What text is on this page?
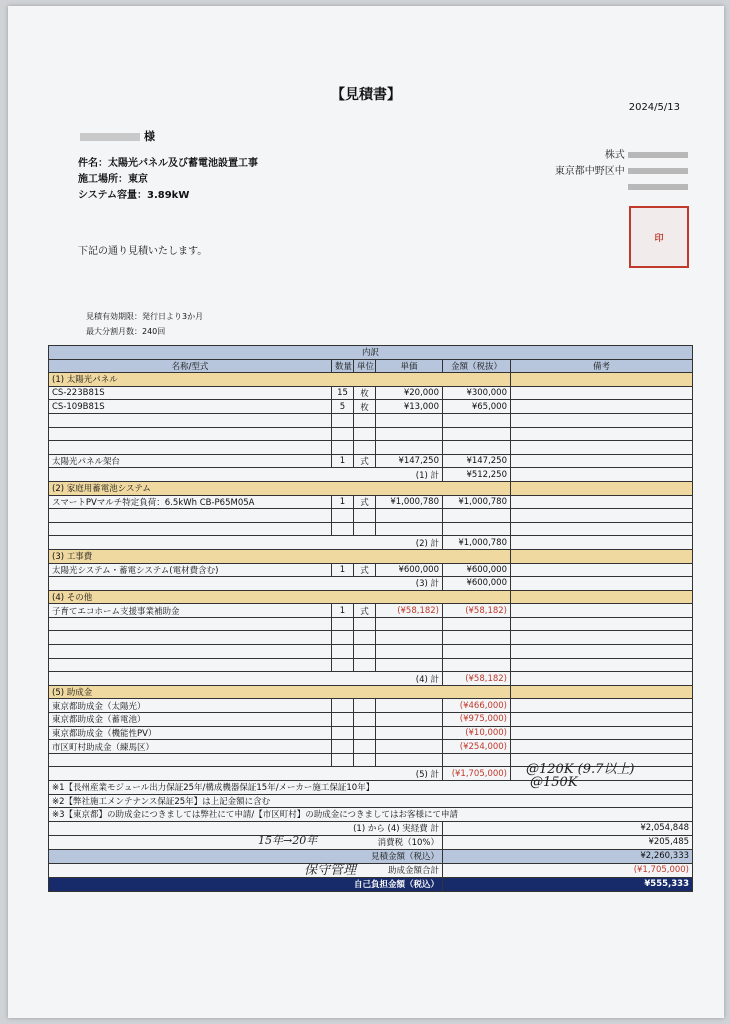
【見積書】
2024/5/13
様
件名：太陽光パネル及び蓄電池設置工事
施工場所：東京
システム容量：3.89kW
株式
東京都中野区中
印
下記の通り見積いたします。
見積有効期限：発行日より3か月
最大分割月数：240回
内訳					
名称/型式	数量	単位	単価	金額（税抜）	備考
(1) 太陽光パネル					
CS-223B81S	15	枚	¥20,000	¥300,000	
CS-109B81S	5	枚	¥13,000	¥65,000	

太陽光パネル架台	1	式	¥147,250	¥147,250	
(1) 計				¥512,250	
(2) 家庭用蓄電池システム					
スマートPVマルチ特定負荷：6.5kWh CB-P65M05A	1	式	¥1,000,780	¥1,000,780	

(2) 計				¥1,000,780	
(3) 工事費					
太陽光システム・蓄電システム(電材費含む)	1	式	¥600,000	¥600,000	
(3) 計				¥600,000	
(4) その他					
子育てエコホーム支援事業補助金	1	式	(¥58,182)	(¥58,182)	

(4) 計				(¥58,182)	
(5) 助成金					
東京都助成金（太陽光）				(¥466,000)	
東京都助成金（蓄電池）				(¥975,000)	
東京都助成金（機能性PV）				(¥10,000)	
市区町村助成金（練馬区）				(¥254,000)	

(5) 計				(¥1,705,000)	
※1【長州産業モジュール出力保証25年/構成機器保証15年/メーカー施工保証10年】					
※2【弊社施工メンテナンス保証25年】は上記金額に含む					
※3【東京都】の助成金につきましては弊社にて申請/【市区町村】の助成金につきましてはお客様にて申請					
(1) から (4) 実経費 計				¥2,054,848	
消費税（10%）				¥205,485	
見積金額（税込）				¥2,260,333	
助成金額合計				(¥1,705,000)	
自己負担金額（税込）				¥555,333	
@120K (9.7以上)
@150K
15年→20年
保守管理
